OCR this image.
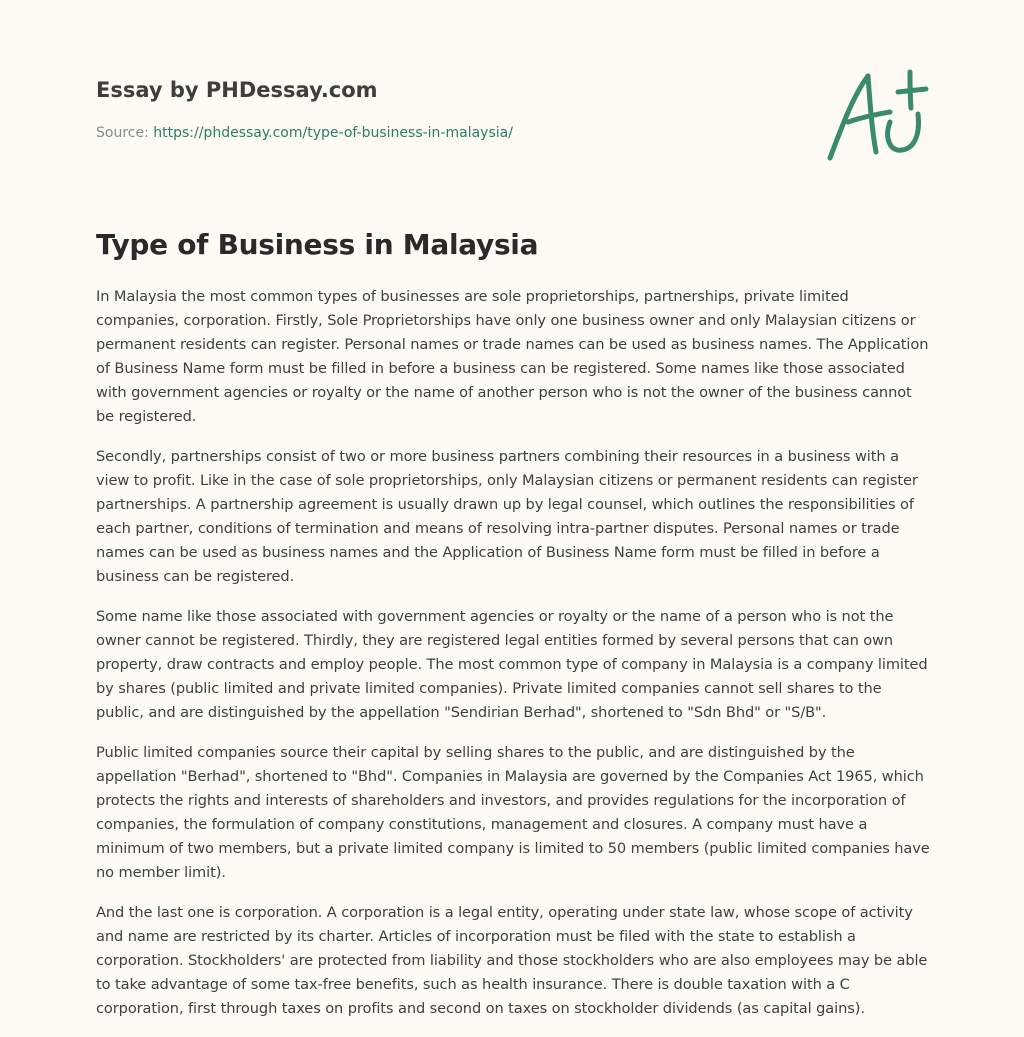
Essay by PHDessay.com
Source: https://phdessay.com/type-of-business-in-malaysia/
Type of Business in Malaysia

In Malaysia the most common types of businesses are sole proprietorships, partnerships, private limited companies, corporation. Firstly, Sole Proprietorships have only one business owner and only Malaysian citizens or permanent residents can register. Personal names or trade names can be used as business names. The Application of Business Name form must be filled in before a business can be registered. Some names like those associated with government agencies or royalty or the name of another person who is not the owner of the business cannot be registered.

Secondly, partnerships consist of two or more business partners combining their resources in a business with a view to profit. Like in the case of sole proprietorships, only Malaysian citizens or permanent residents can register partnerships. A partnership agreement is usually drawn up by legal counsel, which outlines the responsibilities of each partner, conditions of termination and means of resolving intra-partner disputes. Personal names or trade names can be used as business names and the Application of Business Name form must be filled in before a business can be registered.

Some name like those associated with government agencies or royalty or the name of a person who is not the owner cannot be registered. Thirdly, they are registered legal entities formed by several persons that can own property, draw contracts and employ people. The most common type of company in Malaysia is a company limited by shares (public limited and private limited companies). Private limited companies cannot sell shares to the public, and are distinguished by the appellation "Sendirian Berhad", shortened to "Sdn Bhd" or "S/B".

Public limited companies source their capital by selling shares to the public, and are distinguished by the appellation "Berhad", shortened to "Bhd". Companies in Malaysia are governed by the Companies Act 1965, which protects the rights and interests of shareholders and investors, and provides regulations for the incorporation of companies, the formulation of company constitutions, management and closures. A company must have a minimum of two members, but a private limited company is limited to 50 members (public limited companies have no member limit).

And the last one is corporation. A corporation is a legal entity, operating under state law, whose scope of activity and name are restricted by its charter. Articles of incorporation must be filed with the state to establish a corporation. Stockholders' are protected from liability and those stockholders who are also employees may be able to take advantage of some tax-free benefits, such as health insurance. There is double taxation with a C corporation, first through taxes on profits and second on taxes on stockholder dividends (as capital gains).
